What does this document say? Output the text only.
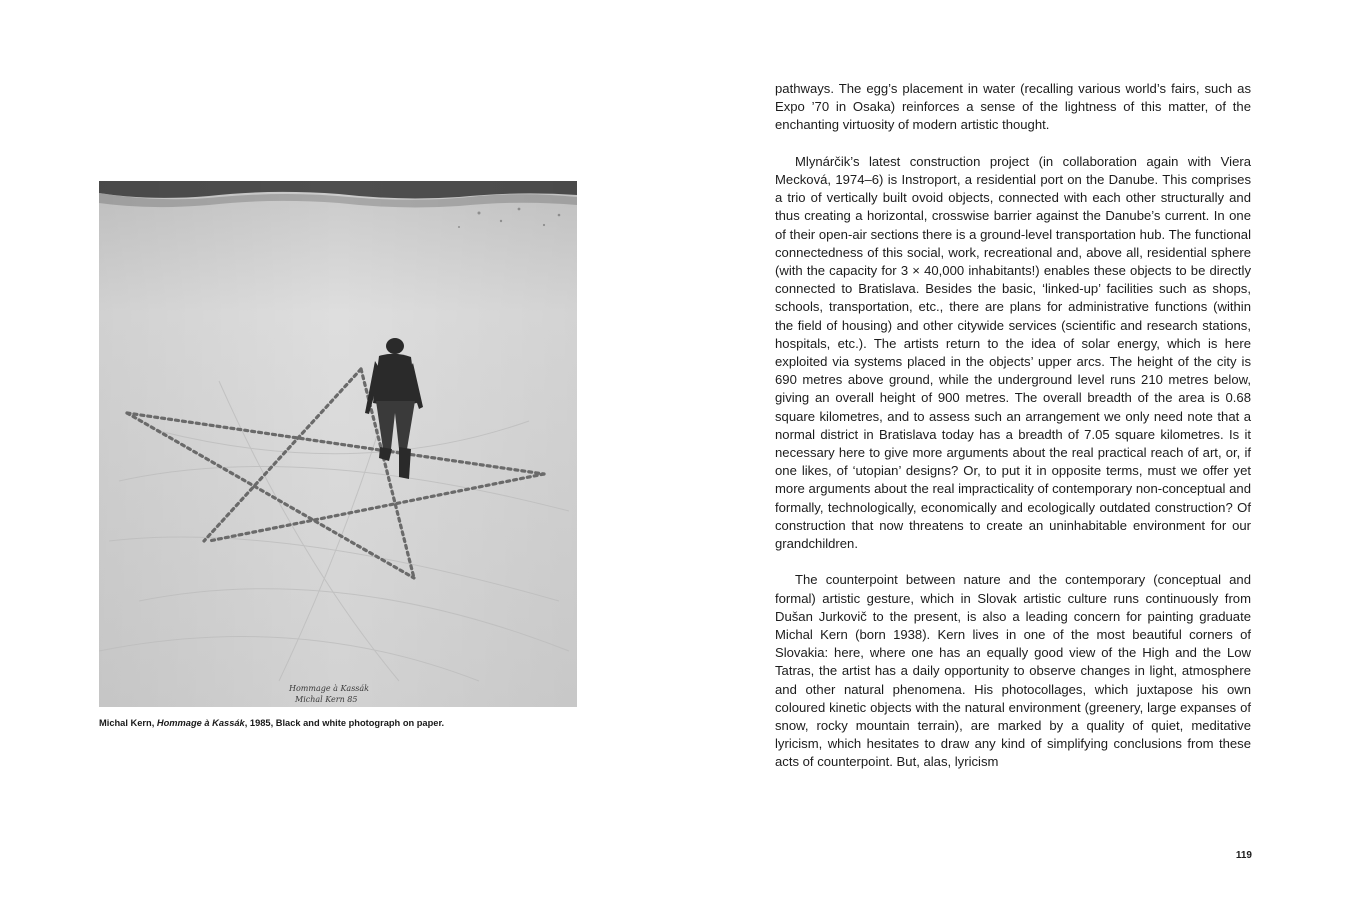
Hommage à Kassák
Michal Kern 85
Michal Kern, Hommage à Kassák, 1985, Black and white photograph on paper.

pathways. The egg’s placement in water (recalling various world’s fairs, such as Expo ’70 in Osaka) reinforces a sense of the lightness of this matter, of the enchanting virtuosity of modern artistic thought.

Mlynárčik’s latest construction project (in collaboration again with Viera Mecková, 1974–6) is Instroport, a residential port on the Danube. This comprises a trio of vertically built ovoid objects, connected with each other structurally and thus creating a horizontal, crosswise barrier against the Danube’s current. In one of their open-air sections there is a ground-level transportation hub. The functional connectedness of this social, work, recreational and, above all, residential sphere (with the capacity for 3 × 40,000 inhabitants!) enables these objects to be directly connected to Bratislava. Besides the basic, ‘linked-up’ facilities such as shops, schools, transportation, etc., there are plans for administrative functions (within the field of housing) and other citywide services (scientific and research stations, hospitals, etc.). The artists return to the idea of solar energy, which is here exploited via systems placed in the objects’ upper arcs. The height of the city is 690 metres above ground, while the underground level runs 210 metres below, giving an overall height of 900 metres. The overall breadth of the area is 0.68 square kilometres, and to assess such an arrangement we only need note that a normal district in Bratislava today has a breadth of 7.05 square kilometres. Is it necessary here to give more arguments about the real practical reach of art, or, if one likes, of ‘utopian’ designs? Or, to put it in opposite terms, must we offer yet more arguments about the real impracticality of contemporary non-conceptual and formally, technologically, economically and ecologically outdated construction? Of construction that now threatens to create an uninhabitable environment for our grandchildren.

The counterpoint between nature and the contemporary (conceptual and formal) artistic gesture, which in Slovak artistic culture runs continuously from Dušan Jurkovič to the present, is also a leading concern for painting graduate Michal Kern (born 1938). Kern lives in one of the most beautiful corners of Slovakia: here, where one has an equally good view of the High and the Low Tatras, the artist has a daily opportunity to observe changes in light, atmosphere and other natural phenomena. His photocollages, which juxtapose his own coloured kinetic objects with the natural environment (greenery, large expanses of snow, rocky mountain terrain), are marked by a quality of quiet, meditative lyricism, which hesitates to draw any kind of simplifying conclusions from these acts of counterpoint. But, alas, lyricism

119
